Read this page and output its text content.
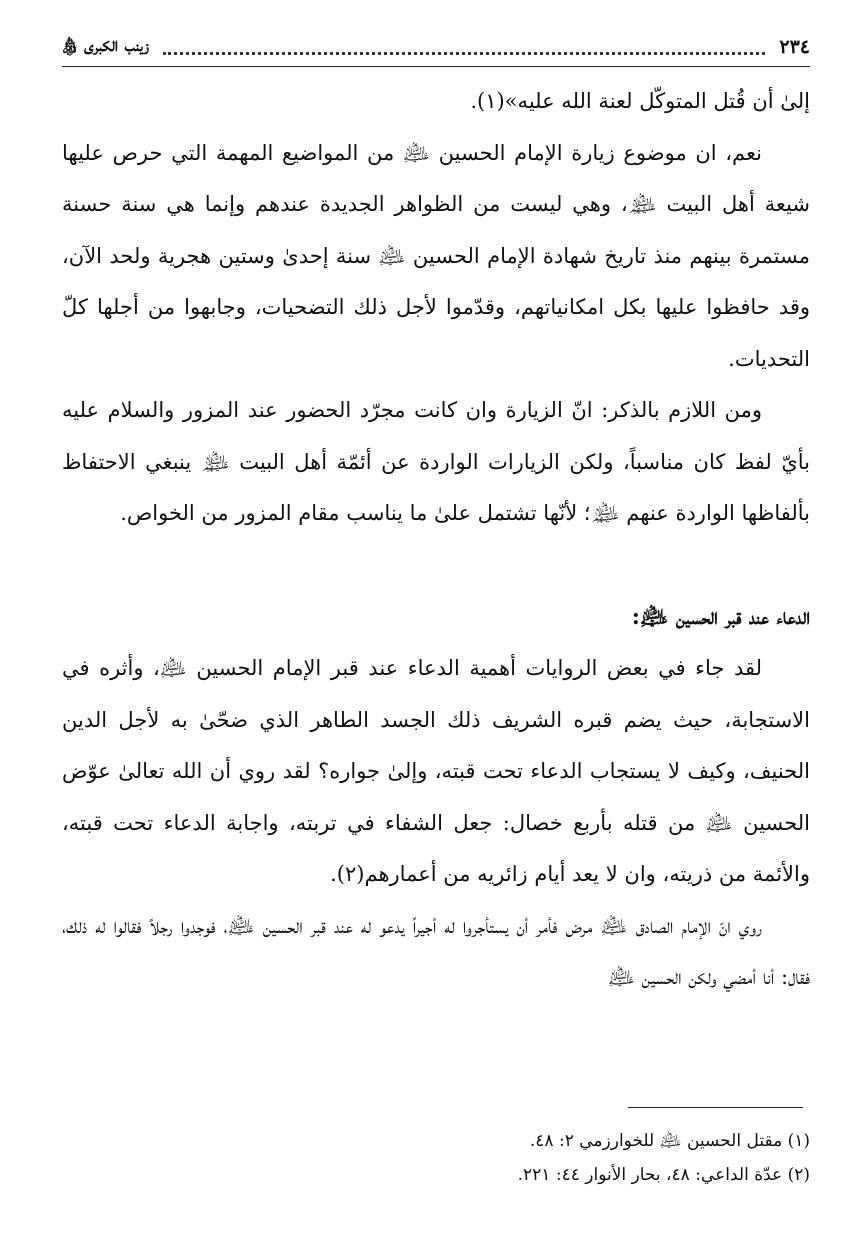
٢٣٤
زينب الكبرى ﵋

إلىٰ أن قُتل المتوكّل لعنة الله عليه»(١).

نعم، ان موضوع زيارة الإمام الحسين ﵇ من المواضيع المهمة التي حرص عليها شيعة أهل البيت ﵈، وهي ليست من الظواهر الجديدة عندهم وإنما هي سنة حسنة مستمرة بينهم منذ تاريخ شهادة الإمام الحسين ﵇ سنة إحدىٰ وستين هجرية ولحد الآن، وقد حافظوا عليها بكل امكانياتهم، وقدّموا لأجل ذلك التضحيات، وجابهوا من أجلها كلّ التحديات.

ومن اللازم بالذكر: انّ الزيارة وان كانت مجرّد الحضور عند المزور والسلام عليه بأيّ لفظ كان مناسباً، ولكن الزيارات الواردة عن أئمّة أهل البيت ﵈ ينبغي الاحتفاظ بألفاظها الواردة عنهم ﵈؛ لأنّها تشتمل علىٰ ما يناسب مقام المزور من الخواص.

الدعاء عند قبر الحسين ﵇:

لقد جاء في بعض الروايات أهمية الدعاء عند قبر الإمام الحسين ﵇، وأثره في الاستجابة، حيث يضم قبره الشريف ذلك الجسد الطاهر الذي ضحّىٰ به لأجل الدين الحنيف، وكيف لا يستجاب الدعاء تحت قبته، وإلىٰ جواره؟ لقد روي أن الله تعالىٰ عوّض الحسين ﵇ من قتله بأربع خصال: جعل الشفاء في تربته، واجابة الدعاء تحت قبته، والأئمة من ذريته، وان لا يعد أيام زائريه من أعمارهم(٢).

روي انّ الإمام الصادق ﵇ مرض فأمر أن يستأجروا له أجيراً يدعو له عند قبر الحسين ﵇، فوجدوا رجلاً فقالوا له ذلك، فقال: أنا أمضي ولكن الحسين ﵇

(١) مقتل الحسين ﵇ للخوارزمي ٢: ٤٨.

(٢) عدّة الداعي: ٤٨، بحار الأنوار ٤٤: ٢٢١.
